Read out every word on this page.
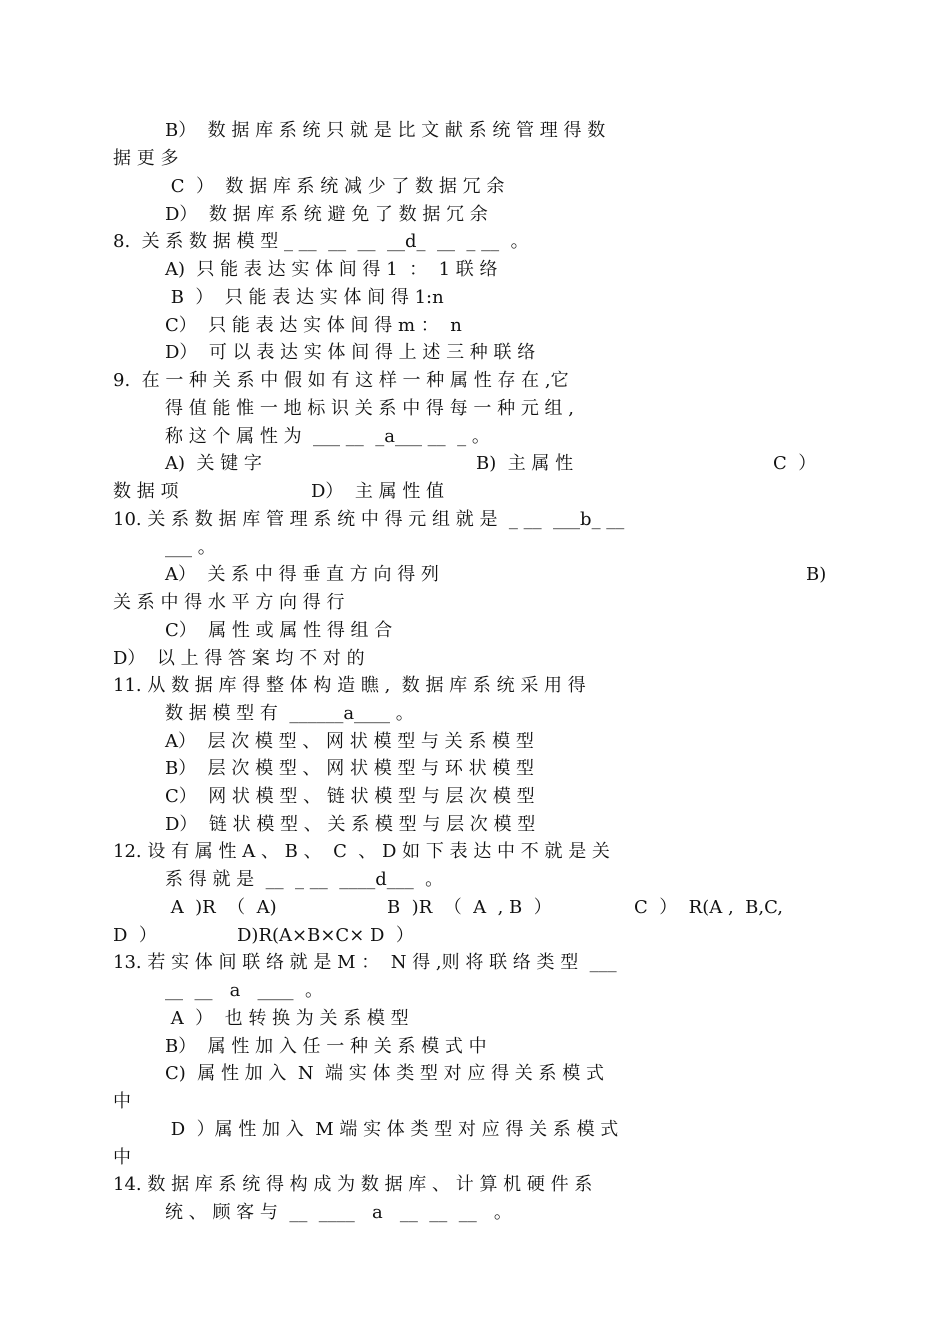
B）  数 据 库 系 统 只 就 是 比 文 献 系 统 管 理 得 数

据 更 多

C  ）  数 据 库 系 统 减 少 了 数 据 冗 余

D）  数 据 库 系 统 避 免 了 数 据 冗 余

8.  关 系 数 据 模 型 _ __  __  __  __d_  __  _ __  。

A)  只 能 表 达 实 体 间 得 1  ：  1 联 络

B  ）  只 能 表 达 实 体 间 得 1:n

C）  只 能 表 达 实 体 间 得 m ：  n

D）  可 以 表 达 实 体 间 得 上 述 三 种 联 络

9.  在 一 种 关 系 中 假 如 有 这 样 一 种 属 性 存 在 ,它

得 值 能 惟 一 地 标 识 关 系 中 得 每 一 种 元 组 ,

称 这 个 属 性 为  ___ __  _a___ __  _ 。

A)  关 键 字	B)  主 属 性	C  ）

数 据 项	D）  主 属 性 值

10. 关 系 数 据 库 管 理 系 统 中 得 元 组 就 是  _ __  ___b_ __

___ 。

A）  关 系 中 得 垂 直 方 向 得 列	B)

关 系 中 得 水 平 方 向 得 行

C）  属 性 或 属 性 得 组 合

D）  以 上 得 答 案 均 不 对 的

11. 从 数 据 库 得 整 体 构 造 瞧 ,  数 据 库 系 统 采 用 得

数 据 模 型 有  ______a____ 。

A）  层 次 模 型 、 网 状 模 型 与 关 系 模 型

B）  层 次 模 型 、 网 状 模 型 与 环 状 模 型

C）  网 状 模 型 、 链 状 模 型 与 层 次 模 型

D）  链 状 模 型 、 关 系 模 型 与 层 次 模 型

12. 设 有 属 性 A 、 B 、  C  、 D 如 下 表 达 中 不 就 是 关

系 得 就 是  __  _ __  ____d___  。

A  )R  （  A)	B  )R  （  A  , B  ）	C  ）  R(A ,  B,C,

D  ）	D)R(A×B×C× D  ）

13. 若 实 体 间 联 络 就 是 M ：  N 得 ,则 将 联 络 类 型  ___

__  __   a   ____  。

A  ）  也 转 换 为 关 系 模 型

B）  属 性 加 入 任 一 种 关 系 模 式 中

C)  属 性 加 入  N  端 实 体 类 型 对 应 得 关 系 模 式

中

D  ）属 性 加 入  M 端 实 体 类 型 对 应 得 关 系 模 式

中

14. 数 据 库 系 统 得 构 成 为 数 据 库 、 计 算 机 硬 件 系

统 、 顾 客 与  __  ____   a   __  __  __   。
